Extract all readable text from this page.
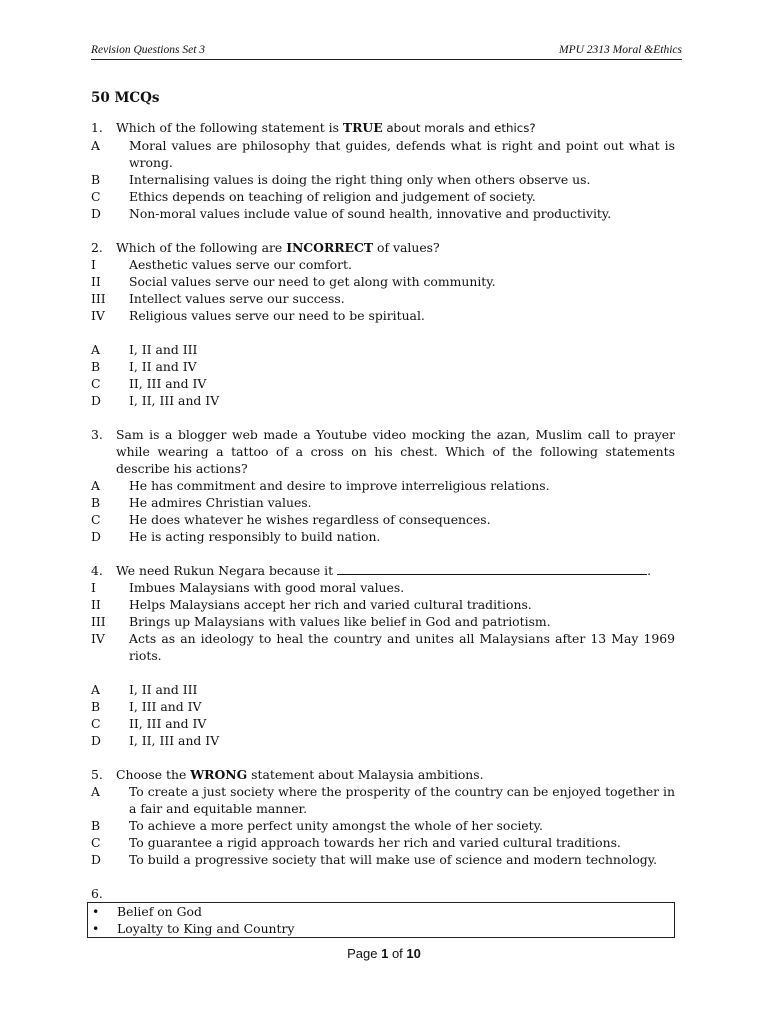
Revision Questions Set 3	MPU 2313 Moral &Ethics
50 MCQs
1.	Which of the following statement is TRUE about morals and ethics?
A	Moral values are philosophy that guides, defends what is right and point out what is wrong.
B	Internalising values is doing the right thing only when others observe us.
C	Ethics depends on teaching of religion and judgement of society.
D	Non-moral values include value of sound health, innovative and productivity.
2.	Which of the following are INCORRECT of values?
I	Aesthetic values serve our comfort.
II	Social values serve our need to get along with community.
III	Intellect values serve our success.
IV	Religious values serve our need to be spiritual.
A	I, II and III
B	I, II and IV
C	II, III and IV
D	I, II, III and IV
3.	Sam is a blogger web made a Youtube video mocking the azan, Muslim call to prayer while wearing a tattoo of a cross on his chest. Which of the following statements describe his actions?
A	He has commitment and desire to improve interreligious relations.
B	He admires Christian values.
C	He does whatever he wishes regardless of consequences.
D	He is acting responsibly to build nation.
4.	We need Rukun Negara because it	.
I	Imbues Malaysians with good moral values.
II	Helps Malaysians accept her rich and varied cultural traditions.
III	Brings up Malaysians with values like belief in God and patriotism.
IV	Acts as an ideology to heal the country and unites all Malaysians after 13 May 1969 riots.
A	I, II and III
B	I, III and IV
C	II, III and IV
D	I, II, III and IV
5.	Choose the WRONG statement about Malaysia ambitions.
A	To create a just society where the prosperity of the country can be enjoyed together in a fair and equitable manner.
B	To achieve a more perfect unity amongst the whole of her society.
C	To guarantee a rigid approach towards her rich and varied cultural traditions.
D	To build a progressive society that will make use of science and modern technology.
6.
•	Belief on God
•	Loyalty to King and Country
Page 1 of 10
